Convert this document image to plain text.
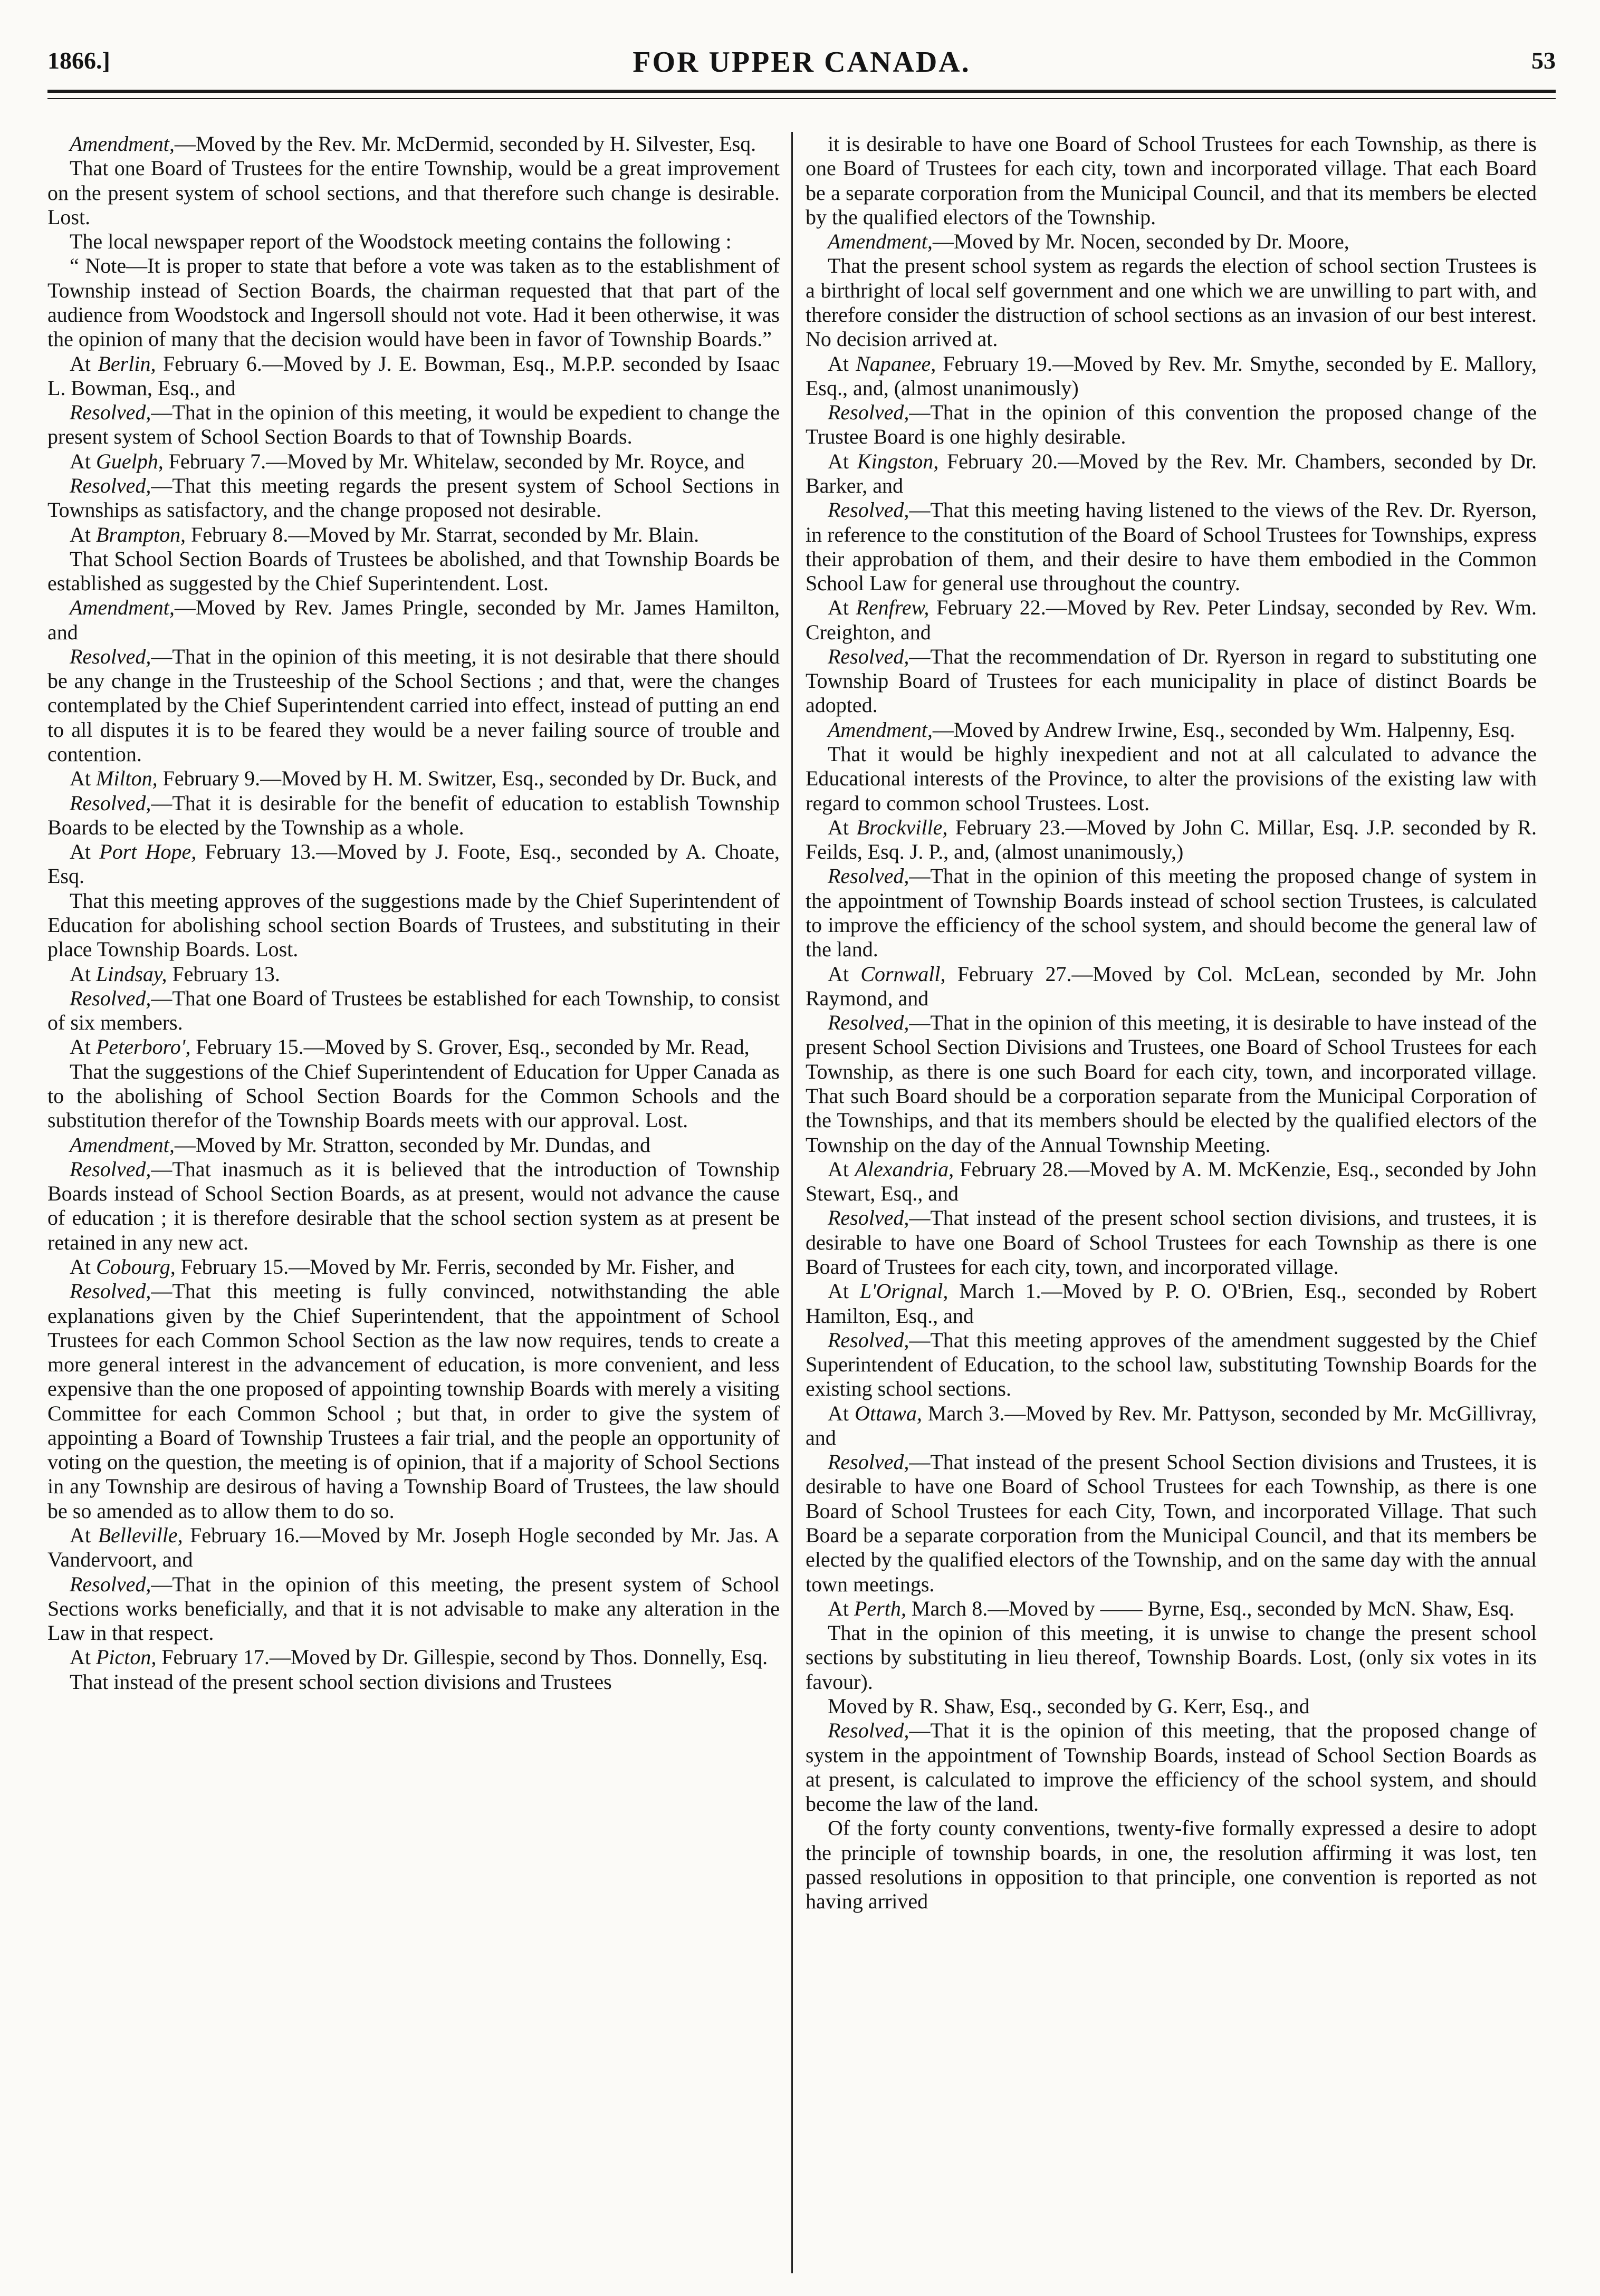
1866.]	FOR UPPER CANADA.	53

Amendment,—Moved by the Rev. Mr. McDermid, seconded by H. Silvester, Esq.

That one Board of Trustees for the entire Township, would be a great improvement on the present system of school sections, and that therefore such change is desirable. Lost.

The local newspaper report of the Woodstock meeting contains the following :

“ Note—It is proper to state that before a vote was taken as to the establishment of Township instead of Section Boards, the chairman requested that that part of the audience from Woodstock and Ingersoll should not vote. Had it been otherwise, it was the opinion of many that the decision would have been in favor of Township Boards.”

At Berlin, February 6.—Moved by J. E. Bowman, Esq., M.P.P. seconded by Isaac L. Bowman, Esq., and

Resolved,—That in the opinion of this meeting, it would be expedient to change the present system of School Section Boards to that of Township Boards.

At Guelph, February 7.—Moved by Mr. Whitelaw, seconded by Mr. Royce, and

Resolved,—That this meeting regards the present system of School Sections in Townships as satisfactory, and the change proposed not desirable.

At Brampton, February 8.—Moved by Mr. Starrat, seconded by Mr. Blain.

That School Section Boards of Trustees be abolished, and that Township Boards be established as suggested by the Chief Superintendent. Lost.

Amendment,—Moved by Rev. James Pringle, seconded by Mr. James Hamilton, and

Resolved,—That in the opinion of this meeting, it is not desirable that there should be any change in the Trusteeship of the School Sections ; and that, were the changes contemplated by the Chief Superintendent carried into effect, instead of putting an end to all disputes it is to be feared they would be a never failing source of trouble and contention.

At Milton, February 9.—Moved by H. M. Switzer, Esq., seconded by Dr. Buck, and

Resolved,—That it is desirable for the benefit of education to establish Township Boards to be elected by the Township as a whole.

At Port Hope, February 13.—Moved by J. Foote, Esq., seconded by A. Choate, Esq.

That this meeting approves of the suggestions made by the Chief Superintendent of Education for abolishing school section Boards of Trustees, and substituting in their place Township Boards. Lost.

At Lindsay, February 13.

Resolved,—That one Board of Trustees be established for each Township, to consist of six members.

At Peterboro', February 15.—Moved by S. Grover, Esq., seconded by Mr. Read,

That the suggestions of the Chief Superintendent of Education for Upper Canada as to the abolishing of School Section Boards for the Common Schools and the substitution therefor of the Township Boards meets with our approval. Lost.

Amendment,—Moved by Mr. Stratton, seconded by Mr. Dundas, and

Resolved,—That inasmuch as it is believed that the introduction of Township Boards instead of School Section Boards, as at present, would not advance the cause of education ; it is therefore desirable that the school section system as at present be retained in any new act.

At Cobourg, February 15.—Moved by Mr. Ferris, seconded by Mr. Fisher, and

Resolved,—That this meeting is fully convinced, notwithstanding the able explanations given by the Chief Superintendent, that the appointment of School Trustees for each Common School Section as the law now requires, tends to create a more general interest in the advancement of education, is more convenient, and less expensive than the one proposed of appointing township Boards with merely a visiting Committee for each Common School ; but that, in order to give the system of appointing a Board of Township Trustees a fair trial, and the people an opportunity of voting on the question, the meeting is of opinion, that if a majority of School Sections in any Township are desirous of having a Township Board of Trustees, the law should be so amended as to allow them to do so.

At Belleville, February 16.—Moved by Mr. Joseph Hogle seconded by Mr. Jas. A Vandervoort, and

Resolved,—That in the opinion of this meeting, the present system of School Sections works beneficially, and that it is not advisable to make any alteration in the Law in that respect.

At Picton, February 17.—Moved by Dr. Gillespie, second by Thos. Donnelly, Esq.

That instead of the present school section divisions and Trustees

it is desirable to have one Board of School Trustees for each Township, as there is one Board of Trustees for each city, town and incorporated village. That each Board be a separate corporation from the Municipal Council, and that its members be elected by the qualified electors of the Township.

Amendment,—Moved by Mr. Nocen, seconded by Dr. Moore,

That the present school system as regards the election of school section Trustees is a birthright of local self government and one which we are unwilling to part with, and therefore consider the distruction of school sections as an invasion of our best interest. No decision arrived at.

At Napanee, February 19.—Moved by Rev. Mr. Smythe, seconded by E. Mallory, Esq., and, (almost unanimously)

Resolved,—That in the opinion of this convention the proposed change of the Trustee Board is one highly desirable.

At Kingston, February 20.—Moved by the Rev. Mr. Chambers, seconded by Dr. Barker, and

Resolved,—That this meeting having listened to the views of the Rev. Dr. Ryerson, in reference to the constitution of the Board of School Trustees for Townships, express their approbation of them, and their desire to have them embodied in the Common School Law for general use throughout the country.

At Renfrew, February 22.—Moved by Rev. Peter Lindsay, seconded by Rev. Wm. Creighton, and

Resolved,—That the recommendation of Dr. Ryerson in regard to substituting one Township Board of Trustees for each municipality in place of distinct Boards be adopted.

Amendment,—Moved by Andrew Irwine, Esq., seconded by Wm. Halpenny, Esq.

That it would be highly inexpedient and not at all calculated to advance the Educational interests of the Province, to alter the provisions of the existing law with regard to common school Trustees. Lost.

At Brockville, February 23.—Moved by John C. Millar, Esq. J.P. seconded by R. Feilds, Esq. J. P., and, (almost unanimously,)

Resolved,—That in the opinion of this meeting the proposed change of system in the appointment of Township Boards instead of school section Trustees, is calculated to improve the efficiency of the school system, and should become the general law of the land.

At Cornwall, February 27.—Moved by Col. McLean, seconded by Mr. John Raymond, and

Resolved,—That in the opinion of this meeting, it is desirable to have instead of the present School Section Divisions and Trustees, one Board of School Trustees for each Township, as there is one such Board for each city, town, and incorporated village. That such Board should be a corporation separate from the Municipal Corporation of the Townships, and that its members should be elected by the qualified electors of the Township on the day of the Annual Township Meeting.

At Alexandria, February 28.—Moved by A. M. McKenzie, Esq., seconded by John Stewart, Esq., and

Resolved,—That instead of the present school section divisions, and trustees, it is desirable to have one Board of School Trustees for each Township as there is one Board of Trustees for each city, town, and incorporated village.

At L'Orignal, March 1.—Moved by P. O. O'Brien, Esq., seconded by Robert Hamilton, Esq., and

Resolved,—That this meeting approves of the amendment suggested by the Chief Superintendent of Education, to the school law, substituting Township Boards for the existing school sections.

At Ottawa, March 3.—Moved by Rev. Mr. Pattyson, seconded by Mr. McGillivray, and

Resolved,—That instead of the present School Section divisions and Trustees, it is desirable to have one Board of School Trustees for each Township, as there is one Board of School Trustees for each City, Town, and incorporated Village. That such Board be a separate corporation from the Municipal Council, and that its members be elected by the qualified electors of the Township, and on the same day with the annual town meetings.

At Perth, March 8.—Moved by —— Byrne, Esq., seconded by McN. Shaw, Esq.

That in the opinion of this meeting, it is unwise to change the present school sections by substituting in lieu thereof, Township Boards. Lost, (only six votes in its favour).

Moved by R. Shaw, Esq., seconded by G. Kerr, Esq., and

Resolved,—That it is the opinion of this meeting, that the proposed change of system in the appointment of Township Boards, instead of School Section Boards as at present, is calculated to improve the efficiency of the school system, and should become the law of the land.

Of the forty county conventions, twenty-five formally expressed a desire to adopt the principle of township boards, in one, the resolution affirming it was lost, ten passed resolutions in opposition to that principle, one convention is reported as not having arrived
